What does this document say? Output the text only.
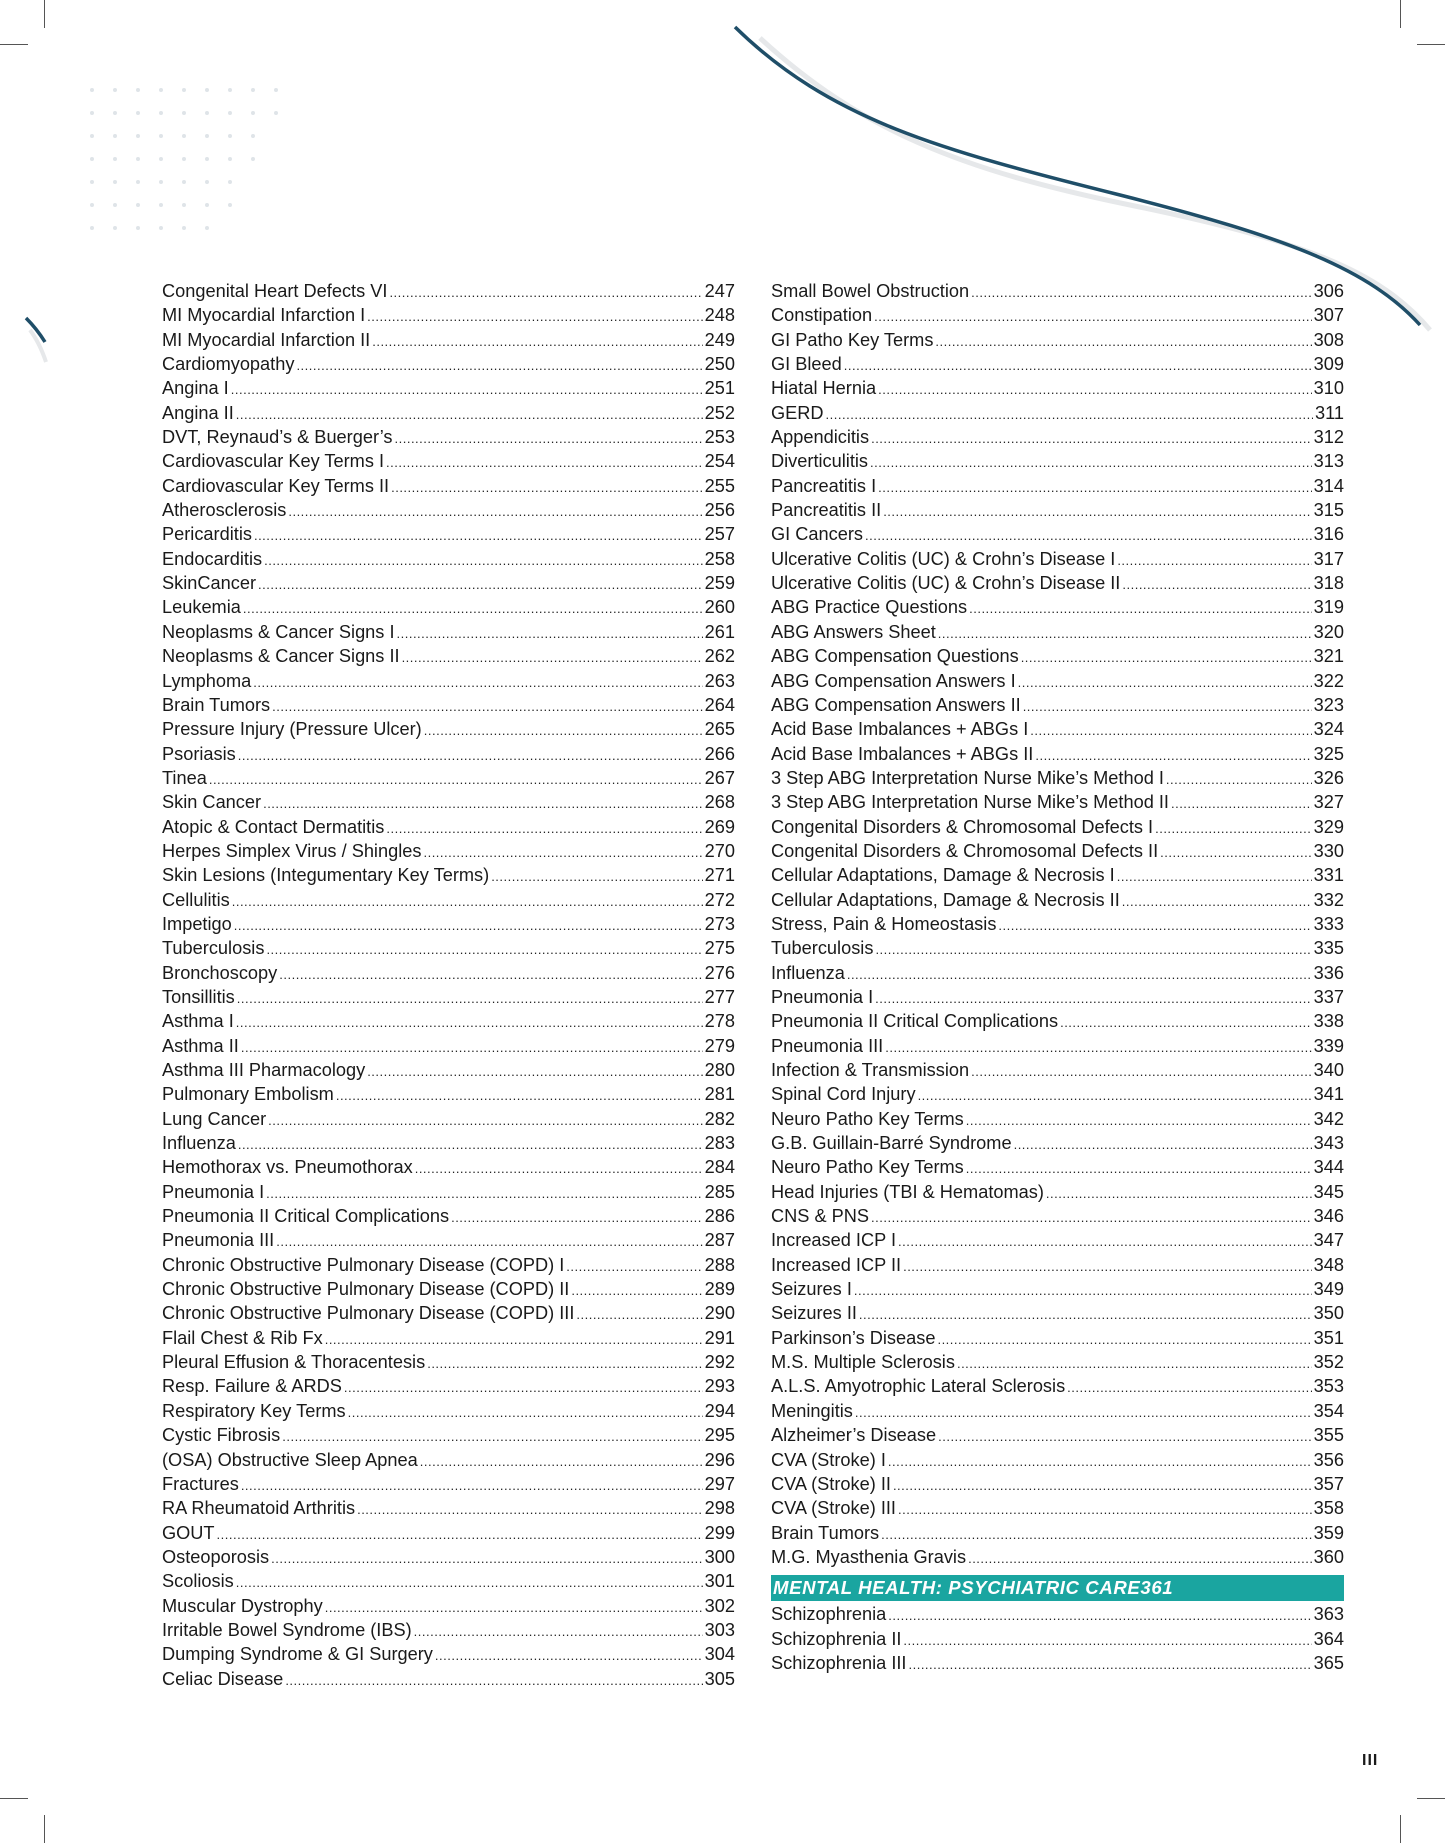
Congenital Heart Defects VI .....	247
MI Myocardial Infarction I .....	248
MI Myocardial Infarction II .....	249
Cardiomyopathy .....	250
Angina I .....	251
Angina II .....	252
DVT, Reynaud’s & Buerger’s .....	253
Cardiovascular Key Terms I .....	254
Cardiovascular Key Terms II .....	255
Atherosclerosis .....	256
Pericarditis .....	257
Endocarditis .....	258
SkinCancer .....	259
Leukemia .....	260
Neoplasms & Cancer Signs I .....	261
Neoplasms & Cancer Signs II .....	262
Lymphoma .....	263
Brain Tumors .....	264
Pressure Injury (Pressure Ulcer) .....	265
Psoriasis .....	266
Tinea .....	267
Skin Cancer .....	268
Atopic & Contact Dermatitis .....	269
Herpes Simplex Virus / Shingles .....	270
Skin Lesions (Integumentary Key Terms) .....	271
Cellulitis .....	272
Impetigo .....	273
Tuberculosis .....	275
Bronchoscopy .....	276
Tonsillitis .....	277
Asthma I .....	278
Asthma II .....	279
Asthma III Pharmacology .....	280
Pulmonary Embolism .....	281
Lung Cancer .....	282
Influenza .....	283
Hemothorax vs. Pneumothorax .....	284
Pneumonia I .....	285
Pneumonia II Critical Complications .....	286
Pneumonia III .....	287
Chronic Obstructive Pulmonary Disease (COPD) I .....	288
Chronic Obstructive Pulmonary Disease (COPD) II .....	289
Chronic Obstructive Pulmonary Disease (COPD) III .....	290
Flail Chest & Rib Fx .....	291
Pleural Effusion & Thoracentesis .....	292
Resp. Failure & ARDS .....	293
Respiratory Key Terms .....	294
Cystic Fibrosis .....	295
(OSA) Obstructive Sleep Apnea .....	296
Fractures .....	297
RA Rheumatoid Arthritis .....	298
GOUT .....	299
Osteoporosis .....	300
Scoliosis .....	301
Muscular Dystrophy .....	302
Irritable Bowel Syndrome (IBS) .....	303
Dumping Syndrome & GI Surgery .....	304
Celiac Disease .....	305
Small Bowel Obstruction .....	306
Constipation .....	307
GI Patho Key Terms .....	308
GI Bleed .....	309
Hiatal Hernia .....	310
GERD .....	311
Appendicitis .....	312
Diverticulitis .....	313
Pancreatitis I .....	314
Pancreatitis II .....	315
GI Cancers .....	316
Ulcerative Colitis (UC) & Crohn’s Disease I .....	317
Ulcerative Colitis (UC) & Crohn’s Disease II .....	318
ABG Practice Questions .....	319
ABG Answers Sheet .....	320
ABG Compensation Questions .....	321
ABG Compensation Answers I .....	322
ABG Compensation Answers II .....	323
Acid Base Imbalances + ABGs I .....	324
Acid Base Imbalances + ABGs II .....	325
3 Step ABG Interpretation Nurse Mike’s Method I .....	326
3 Step ABG Interpretation Nurse Mike’s Method II .....	327
Congenital Disorders & Chromosomal Defects I .....	329
Congenital Disorders & Chromosomal Defects II .....	330
Cellular Adaptations, Damage & Necrosis I .....	331
Cellular Adaptations, Damage & Necrosis II .....	332
Stress, Pain & Homeostasis .....	333
Tuberculosis .....	335
Influenza .....	336
Pneumonia I .....	337
Pneumonia II Critical Complications .....	338
Pneumonia III .....	339
Infection & Transmission .....	340
Spinal Cord Injury .....	341
Neuro Patho Key Terms .....	342
G.B. Guillain-Barré Syndrome .....	343
Neuro Patho Key Terms .....	344
Head Injuries (TBI & Hematomas) .....	345
CNS & PNS .....	346
Increased ICP I .....	347
Increased ICP II .....	348
Seizures I .....	349
Seizures II .....	350
Parkinson’s Disease .....	351
M.S. Multiple Sclerosis .....	352
A.L.S. Amyotrophic Lateral Sclerosis .....	353
Meningitis .....	354
Alzheimer’s Disease .....	355
CVA (Stroke) I .....	356
CVA (Stroke) II .....	357
CVA (Stroke) III .....	358
Brain Tumors .....	359
M.G. Myasthenia Gravis .....	360
MENTAL HEALTH: PSYCHIATRIC CARE 361
Schizophrenia .....	363
Schizophrenia II .....	364
Schizophrenia III .....	365
III
